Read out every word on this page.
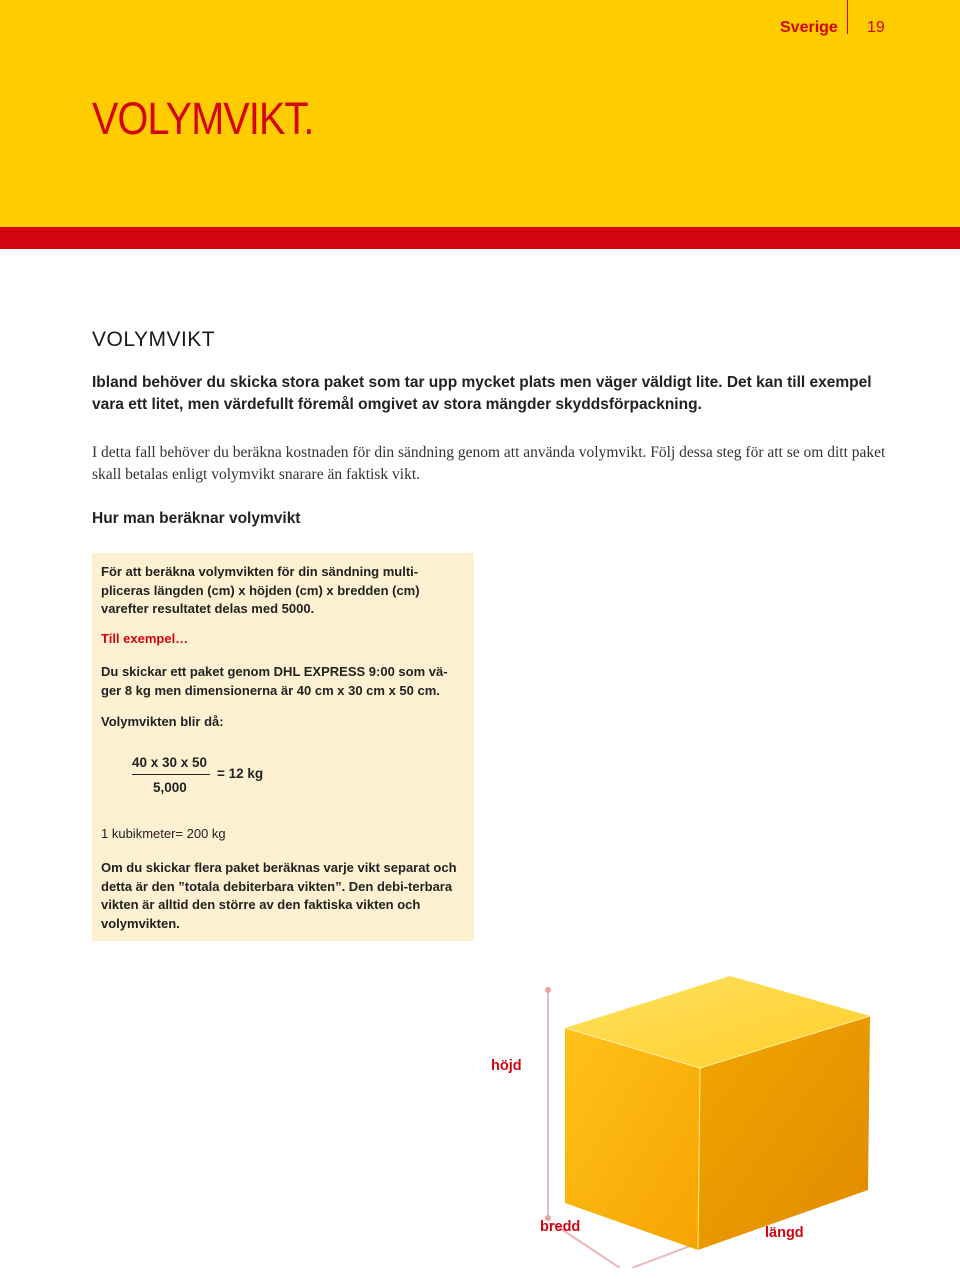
Sverige 19
VOLYMVIKT.
VOLYMVIKT
Ibland behöver du skicka stora paket som tar upp mycket plats men väger väldigt lite. Det kan till exempel vara ett litet, men värdefullt föremål omgivet av stora mängder skyddsförpackning.
I detta fall behöver du beräkna kostnaden för din sändning genom att använda volymvikt. Följ dessa steg för att se om ditt paket skall betalas enligt volymvikt snarare än faktisk vikt.
Hur man beräknar volymvikt
För att beräkna volymvikten för din sändning multi-pliceras längden (cm) x höjden (cm) x bredden (cm) varefter resultatet delas med 5000.
Till exempel…
Du skickar ett paket genom DHL EXPRESS 9:00 som vä-ger 8 kg men dimensionerna är 40 cm x 30 cm x 50 cm.
Volymvikten blir då:
40 x 30 x 50
= 12 kg
5,000
1 kubikmeter= 200 kg
Om du skickar flera paket beräknas varje vikt separat och detta är den ”totala debiterbara vikten”. Den debi-terbara vikten är alltid den större av den faktiska vikten och volymvikten.
höjd
bredd	längd
